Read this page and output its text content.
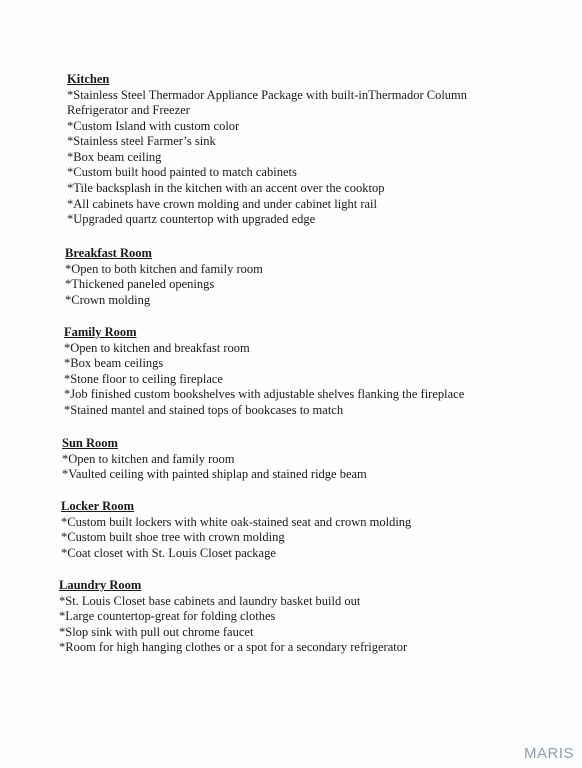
Kitchen

*Stainless Steel Thermador Appliance Package with built-inThermador Column Refrigerator and Freezer

*Custom Island with custom color

*Stainless steel Farmer’s sink

*Box beam ceiling

*Custom built hood painted to match cabinets

*Tile backsplash in the kitchen with an accent over the cooktop

*All cabinets have crown molding and under cabinet light rail

*Upgraded quartz countertop with upgraded edge

Breakfast Room

*Open to both kitchen and family room

*Thickened paneled openings

*Crown molding

Family Room

*Open to kitchen and breakfast room

*Box beam ceilings

*Stone floor to ceiling fireplace

*Job finished custom bookshelves with adjustable shelves flanking the fireplace

*Stained mantel and stained tops of bookcases to match

Sun Room

*Open to kitchen and family room

*Vaulted ceiling with painted shiplap and stained ridge beam

Locker Room

*Custom built lockers with white oak-stained seat and crown molding

*Custom built shoe tree with crown molding

*Coat closet with St. Louis Closet package

Laundry Room

*St. Louis Closet base cabinets and laundry basket build out

*Large countertop-great for folding clothes

*Slop sink with pull out chrome faucet

*Room for high hanging clothes or a spot for a secondary refrigerator

MARIS
